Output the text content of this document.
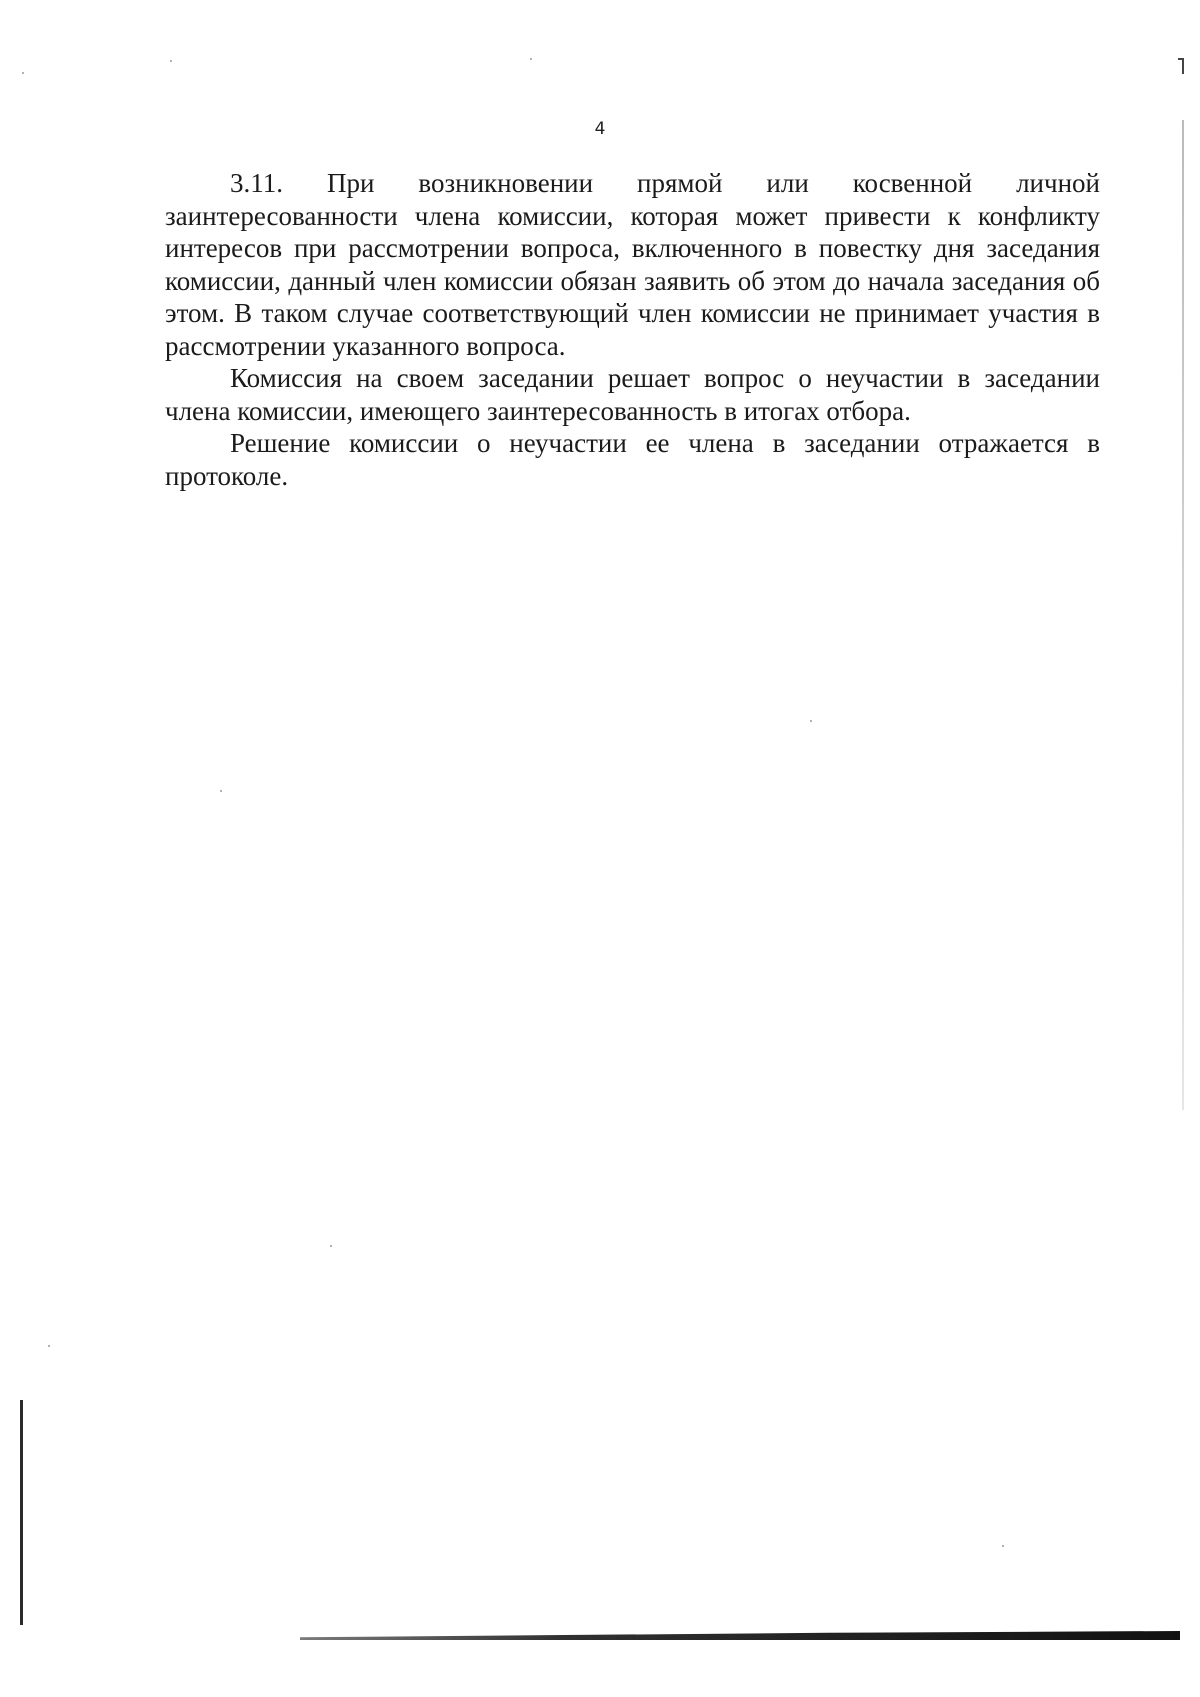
4

3.11. При возникновении прямой или косвенной личной заинтересованности члена комиссии, которая может привести к конфликту интересов при рассмотрении вопроса, включенного в повестку дня заседания комиссии, данный член комиссии обязан заявить об этом до начала заседания об этом. В таком случае соответствующий член комиссии не принимает участия в рассмотрении указанного вопроса.

Комиссия на своем заседании решает вопрос о неучастии в заседании члена комиссии, имеющего заинтересованность в итогах отбора.

Решение комиссии о неучастии ее члена в заседании отражается в протоколе.
